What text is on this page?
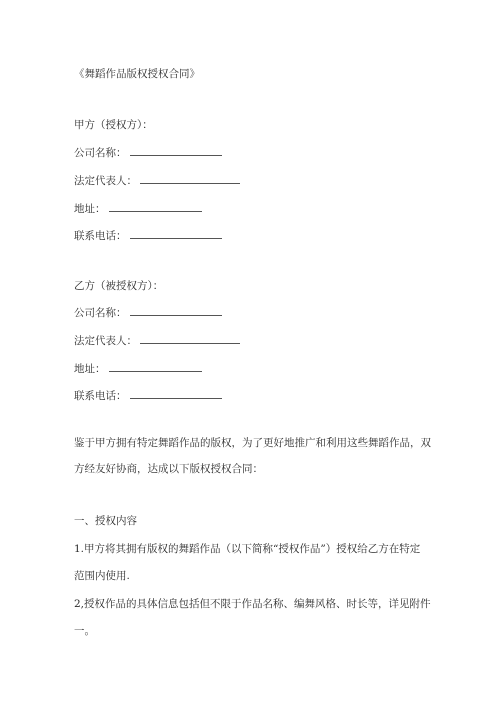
《舞蹈作品版权授权合同》
甲方（授权方）：
公司名称：
法定代表人：
地址：
联系电话：
乙方（被授权方）：
公司名称：
法定代表人：
地址：
联系电话：
鉴于甲方拥有特定舞蹈作品的版权，为了更好地推广和利用这些舞蹈作品，双
方经友好协商，达成以下版权授权合同：
一、授权内容
1.甲方将其拥有版权的舞蹈作品（以下简称“授权作品”）授权给乙方在特定
范围内使用.
2,授权作品的具体信息包括但不限于作品名称、编舞风格、时长等，详见附件
一。
